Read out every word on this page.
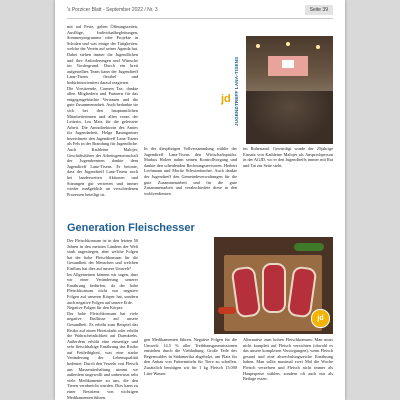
's Porzicer Blatt - September 2022 / Nr. 3	Seite 39

mit auf Feste, geben Öffnungszeiten, Ausflüge, Individualbegleitungen, Sommerprogramme oder Projekte in Schulen und was einige der Tätigkeiten, welche der Verein auf seiner Agenda hat. Dabei stehen immer die Jugendlichen und ihre Anforderungen und Wünsche im Vordergrund. Durch ein breit aufgestelltes Team kann der Jugendtreff Lanz-Tisens flexibel und bedürfnisorientiert darauf reagieren.

Die Vorsitzende, Carmen Tax, dankte allen Mitgliedern und Partnern für das entgegengebrachte Vertrauen und die gute Zusammenarbeit. Auch bedankte sie sich bei den hauptamtlichen Mitarbeiterinnen und allen voran der Leiterin, Lea Mair, für die geleistete Arbeit. Die Amtsdirektorin des Amtes für Jugendarbeit, Helga Baumgartner bezeichnete den Jugendtreff Lanz-Tisens als Fels in der Brandung für Jugendliche. Auch Kathleine Malojer, Geschäftsführer der Arbeitsgemeinschaft der Jugendzentren dankte dem Jugendtreff Lanz-Tisens. Er betonte, dass der Jugendtreff Lanz-Tisens noch bei landesweiten Aktionen und Sitzungen gut vertreten und immer wieder maßgeblich an verschiedenen Prozessen beteiligt ist.

JUGENDTREFF LANA-TISENS
jd

In der diesjährigen Vollversammlung wählte der Jugendtreff Lana-Tisens den Wirtschaftsprüfer. Markus Holzer nahm seinen Kontrollvorgang und dankte den scheidenden Rechnungsrevisoren. Herbert Lechmann und Moritz Schwienbacher. Auch dankte der Jugendtreff den Gemeindeverwaltungen für die gute Zusammenarbeit und für die gute Zusammenarbeit und verabschiedete diese in den wohlverdienten

im Ruhestand. Gewürdigt wurde der 25jährige Einsatz von Kathleine Malojer als Ansprechperson in der AGJD, wo er den Jugendtreffs immer mit Rat und Tat zur Seite steht.

Generation Fleischesser

Der Fleischkonsum ist in den letzten 50 Jahren in den meisten Ländern der Welt stark angestiegen, aber welche Folgen hat der hohe Fleischkonsum für die Gesundheit der Menschen und welchen Einfluss hat dies auf unsere Umwelt?

Im Allgemeinen können wir sagen, dass wir einer Veränderung unserer Ernährung bedürfen, da der hohe Fleischkonsum nicht nur negative Folgen auf unseren Körper hat, sondern auch negative Folgen auf unsere Erde.

Negative Folgen für den Körper:

Der hohe Fleischkonsum hat viele negative Einflüsse auf unsere Gesundheit. Es erhöht zum Beispiel das Risiko auf einen Herzinfarkt oder erhöht die Wahrscheinlichkeit auf Darmkrebs. Außerdem erhöht eine einseitige und sehr fleischhaltige Ernährung das Risiko auf Fettleibigkeit, was eine starke Veränderung der Lebensqualität bedeutet. Durch den Verzehr von Fleisch aus Massentierhaltung nimmt we außerdem ungewollt und unbewusst sehr viele Medikamente zu uns, die den Tieren verabreicht wurden. Dies kann zu einer Resistenz von wichtigen Medikamenten führen.

jd

gen Medikamenten führen. Negative Folgen für die Umwelt: 14,5 % aller Treibhausgasemissionen entstehen durch die Viehhaltung. Große Teile des Regenwaldes in Südamerika abgeholzt, um Platz für den Anbau von Futtermitteln für Tiere zu schaffen. Zusätzlich benötigen wir für 1 kg Fleisch 15.000 Liter Wasser.

Alternative zum hohen Fleischkonsum: Man muss nicht komplett auf Fleisch verzichten (obwohl es das unsere komplexen Versorgungen), wenn Fleisch gesund und eine abwechslungsreiche Ernährung haben. Man sollte maximal zwei Mal die Woche Fleisch verzehren und Fleisch nicht immer als Hauptspeise wählen, sondern oft auch nur als Beilage essen.
